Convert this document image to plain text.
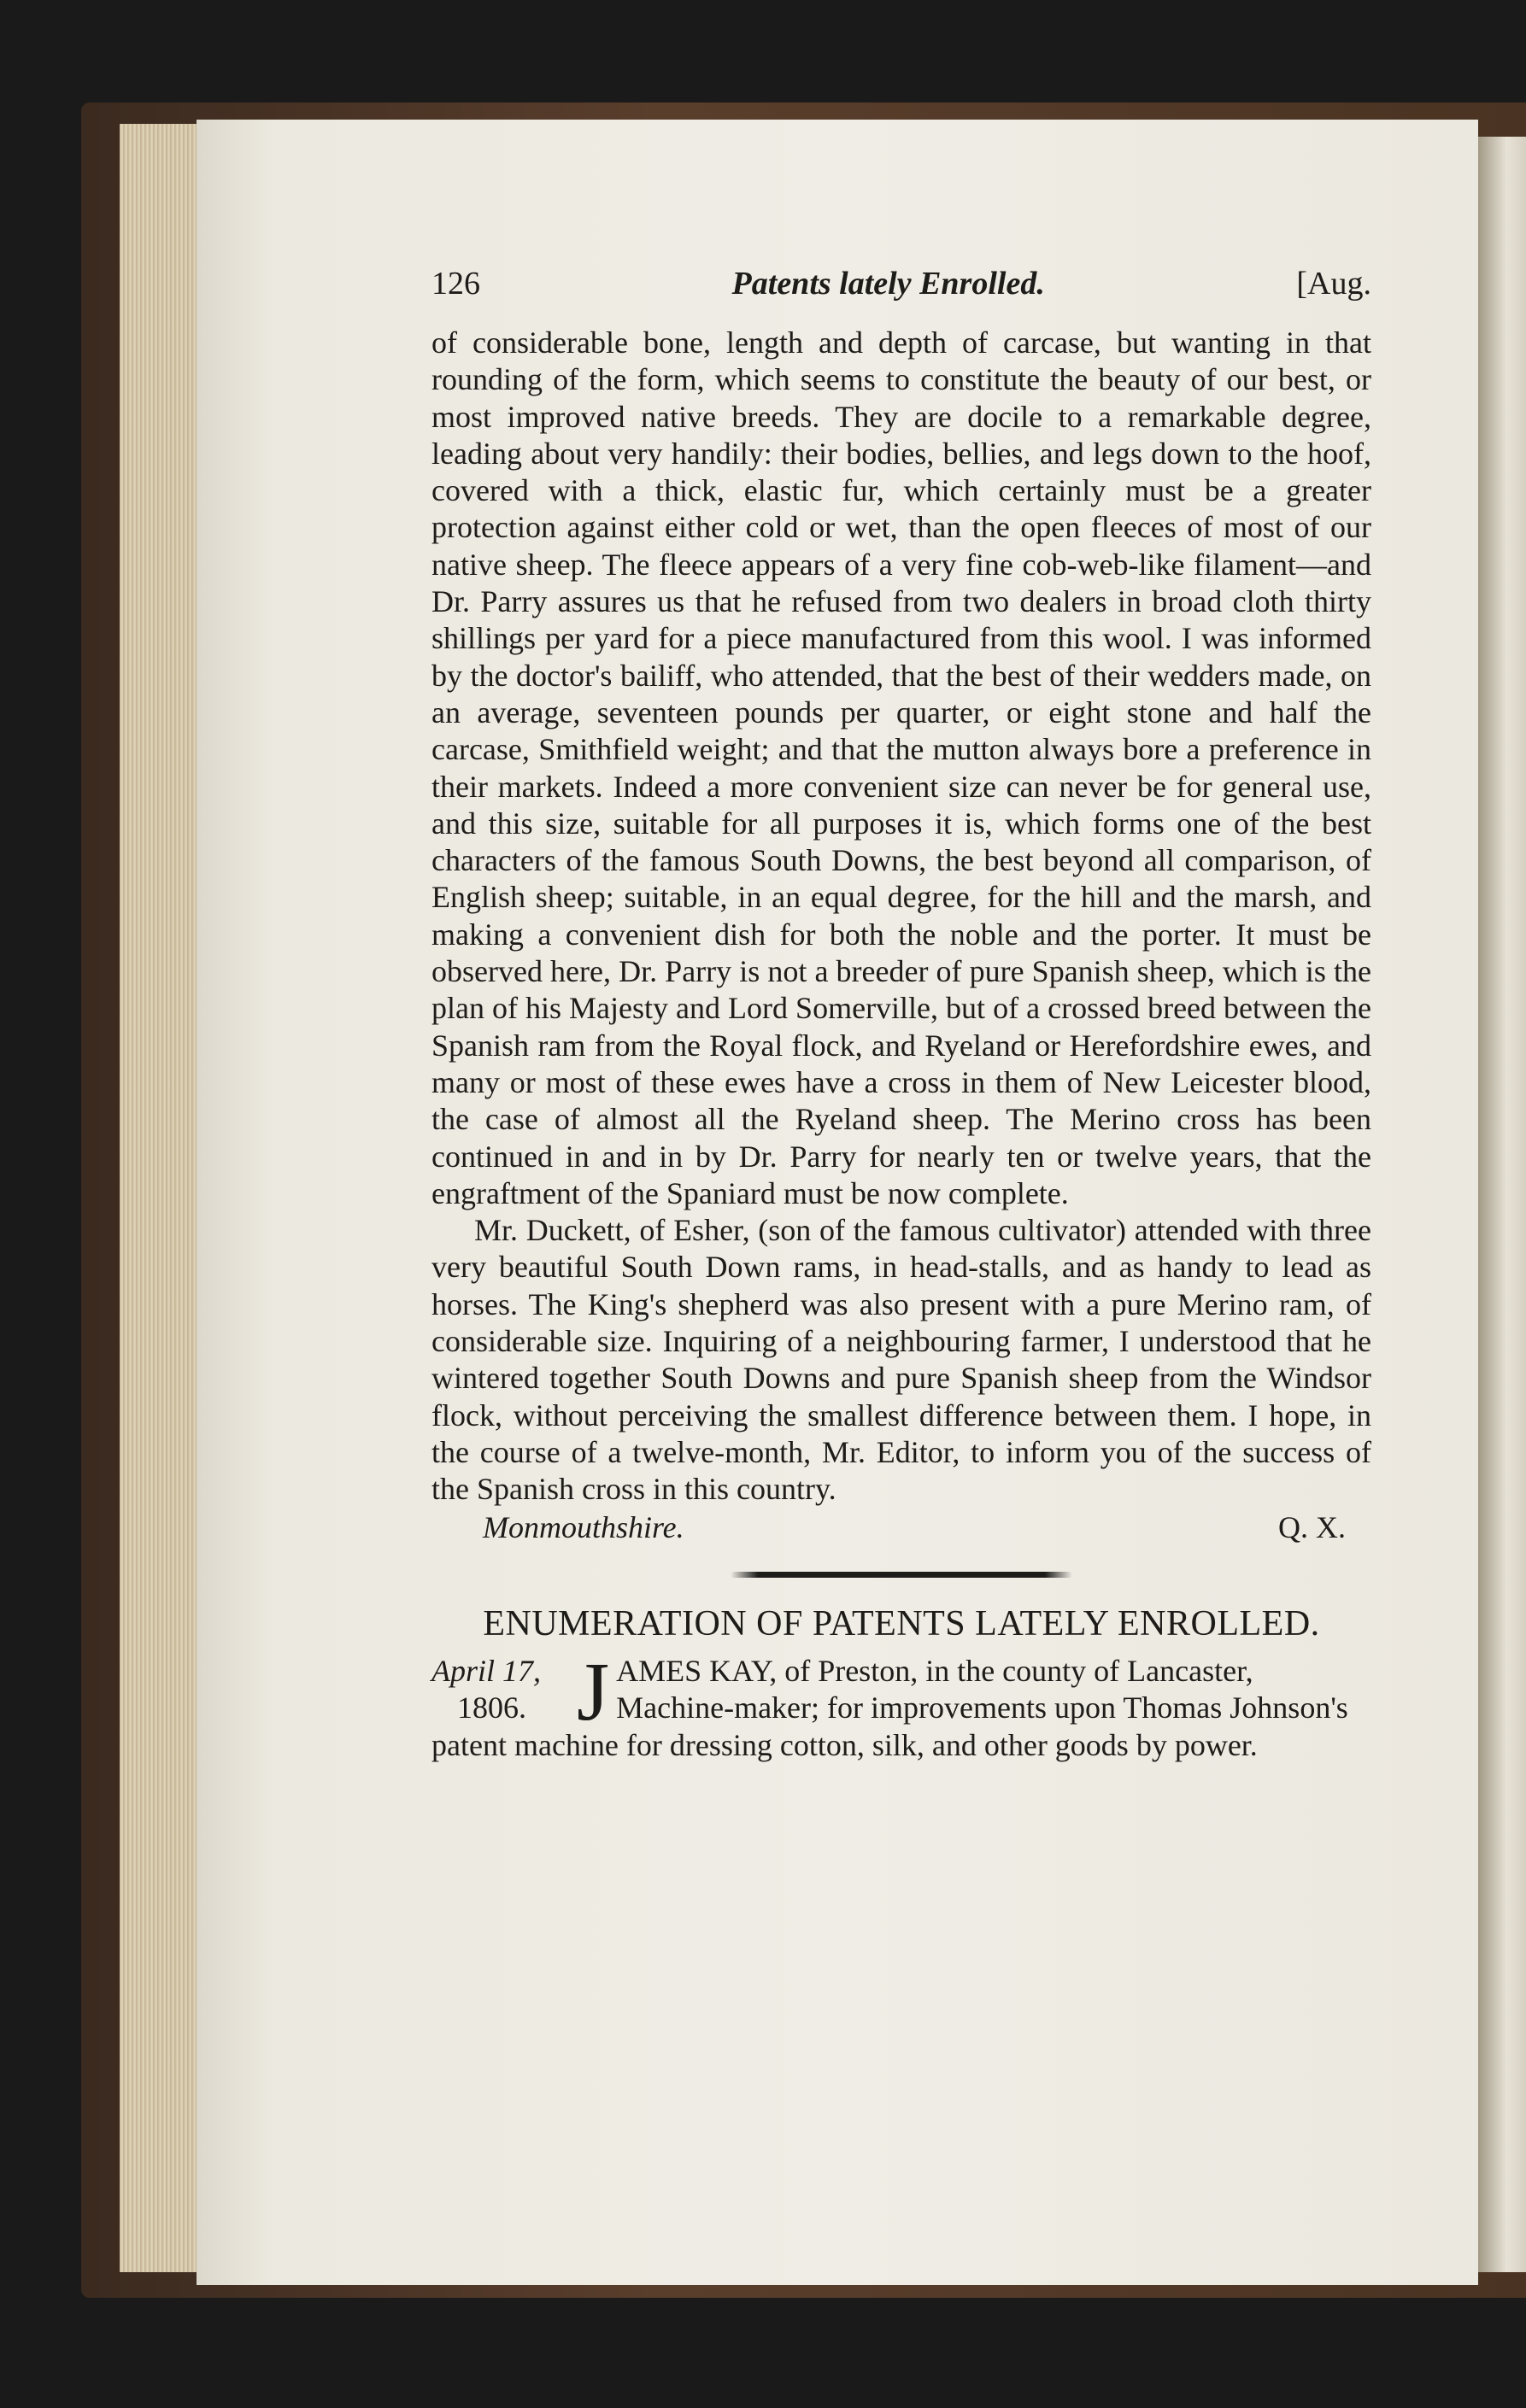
126	Patents lately Enrolled.	[Aug.

of considerable bone, length and depth of carcase, but wanting in that rounding of the form, which seems to constitute the beauty of our best, or most improved native breeds. They are docile to a remarkable degree, leading about very handily: their bodies, bellies, and legs down to the hoof, covered with a thick, elastic fur, which certainly must be a greater protection against either cold or wet, than the open fleeces of most of our native sheep. The fleece appears of a very fine cob-web-like filament—and Dr. Parry assures us that he refused from two dealers in broad cloth thirty shillings per yard for a piece manufactured from this wool. I was informed by the doctor's bailiff, who attended, that the best of their wedders made, on an average, seventeen pounds per quarter, or eight stone and half the carcase, Smithfield weight; and that the mutton always bore a preference in their markets. Indeed a more convenient size can never be for general use, and this size, suitable for all purposes it is, which forms one of the best characters of the famous South Downs, the best beyond all comparison, of English sheep; suitable, in an equal degree, for the hill and the marsh, and making a convenient dish for both the noble and the porter. It must be observed here, Dr. Parry is not a breeder of pure Spanish sheep, which is the plan of his Majesty and Lord Somerville, but of a crossed breed between the Spanish ram from the Royal flock, and Ryeland or Herefordshire ewes, and many or most of these ewes have a cross in them of New Leicester blood, the case of almost all the Ryeland sheep. The Merino cross has been continued in and in by Dr. Parry for nearly ten or twelve years, that the engraftment of the Spaniard must be now complete.

Mr. Duckett, of Esher, (son of the famous cultivator) attended with three very beautiful South Down rams, in head-stalls, and as handy to lead as horses. The King's shepherd was also present with a pure Merino ram, of considerable size. Inquiring of a neighbouring farmer, I understood that he wintered together South Downs and pure Spanish sheep from the Windsor flock, without perceiving the smallest difference between them. I hope, in the course of a twelve-month, Mr. Editor, to inform you of the success of the Spanish cross in this country.

Monmouthshire.	Q. X.
ENUMERATION OF PATENTS LATELY ENROLLED.
April 17,
1806. J AMES KAY, of Preston, in the county of Lancaster, Machine-maker; for improvements upon Thomas Johnson's patent machine for dressing cotton, silk, and other goods by power.
